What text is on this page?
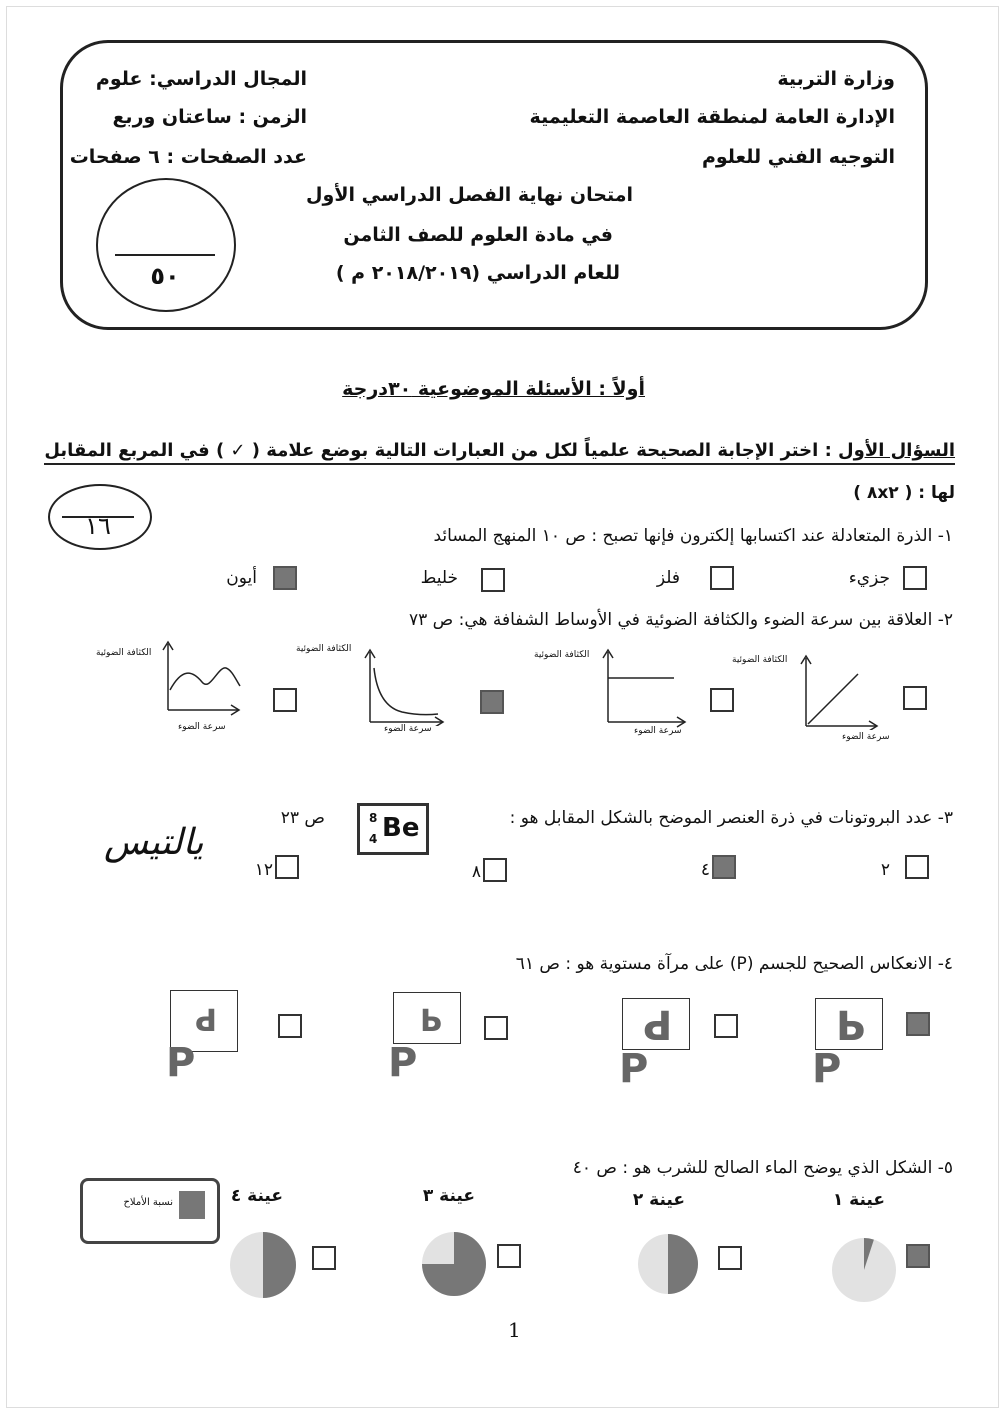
وزارة التربية
الإدارة العامة لمنطقة العاصمة التعليمية
التوجيه الفني للعلوم
المجال الدراسي: علوم
الزمن : ساعتان وربع
عدد الصفحات : ٦ صفحات
امتحان نهاية الفصل الدراسي الأول
في مادة العلوم للصف الثامن
للعام الدراسي (٢٠١٨/٢٠١٩ م )
٥٠
أولاً : الأسئلة الموضوعية ٣٠درجة
السؤال الأول : اختر الإجابة الصحيحة علمياً لكل من العبارات التالية بوضع علامة ( ✓ ) في المربع المقابل
لها : ( ٨x٢ )
١٦	١- الذرة المتعادلة عند اكتسابها إلكترون فإنها تصبح : ص ١٠ المنهج المسائد
جزيء
فلز
خليط
أيون
٢- العلاقة بين سرعة الضوء والكثافة الضوئية في الأوساط الشفافة هي: ص ٧٣
الكثافة الضوئية
سرعة الضوء
الكثافة الضوئية
سرعة الضوء
الكثافة الضوئية
سرعة الضوء
الكثافة الضوئية
سرعة الضوء
٣- عدد البروتونات في ذرة العنصر الموضح بالشكل المقابل هو :
ص ٢٣	8
4 Be
٢
٤
٨
١٢
يالتيس
٤- الانعكاس الصحيح للجسم (P) على مرآة مستوية هو : ص ٦١
P
P
P
P
P
P
P
P
٥- الشكل الذي يوضح الماء الصالح للشرب هو : ص ٤٠
نسبة الأملاح	عينة ١
عينة ٢
عينة ٣
عينة ٤
1
